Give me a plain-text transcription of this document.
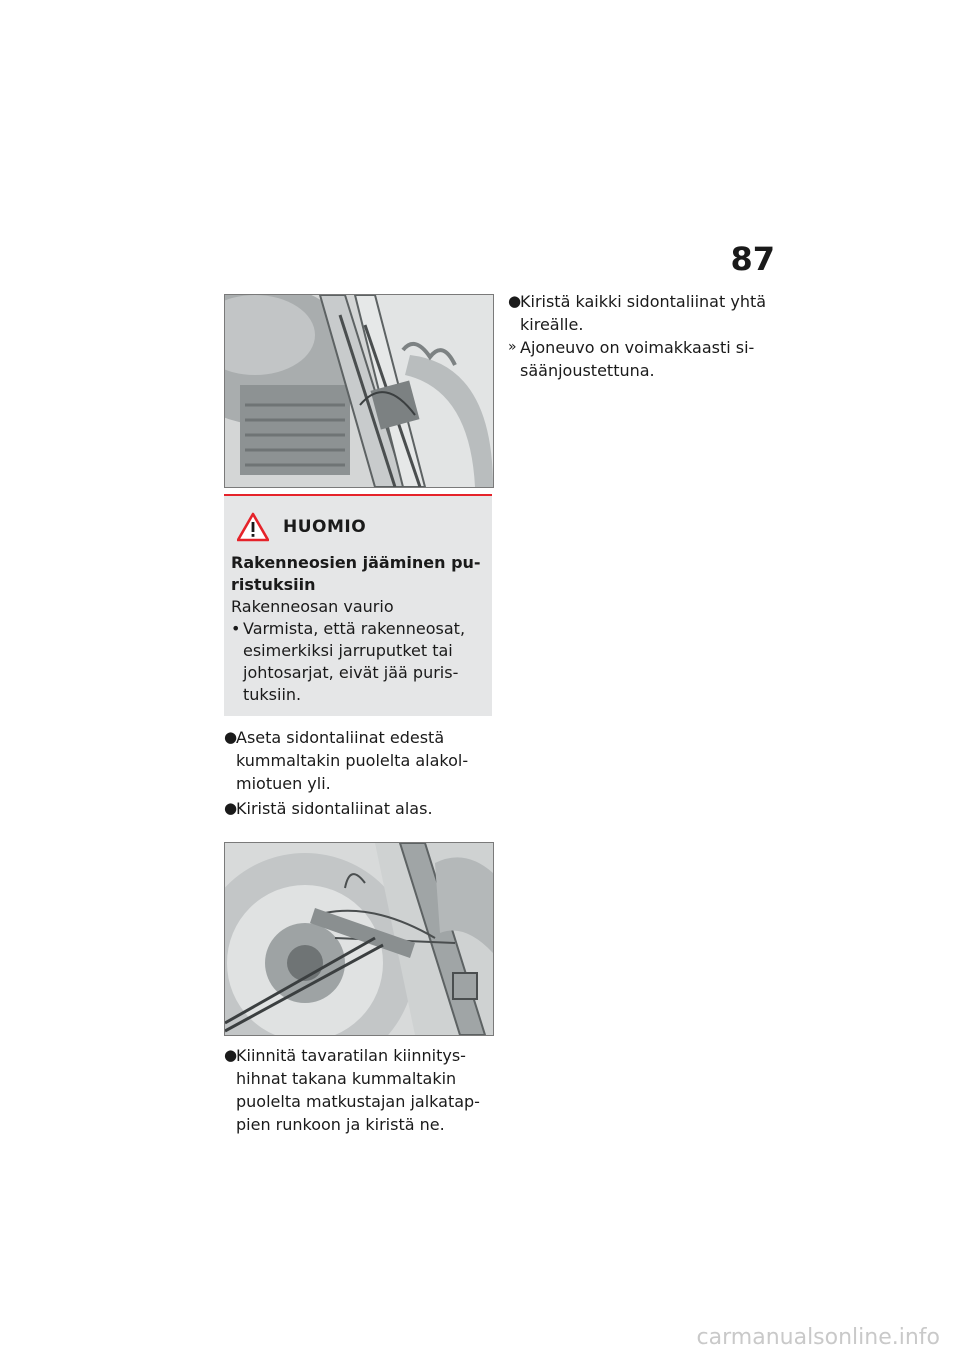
87
HUOMIO
Rakenneosien jääminen pu-ristuksiin
Rakenneosan vaurio
• Varmista, että rakenneosat, esimerkiksi jarruputket tai johtosarjat, eivät jää puris-tuksiin.
●
Aseta sidontaliinat edestä kummaltakin puolelta alakol-miotuen yli.
●
Kiristä sidontaliinat alas.
●
Kiinnitä tavaratilan kiinnitys-hihnat takana kummaltakin puolelta matkustajan jalkatap-pien runkoon ja kiristä ne.
●
Kiristä kaikki sidontaliinat yhtä kireälle.
» Ajoneuvo on voimakkaasti si-säänjoustettuna.
carmanualsonline.info
